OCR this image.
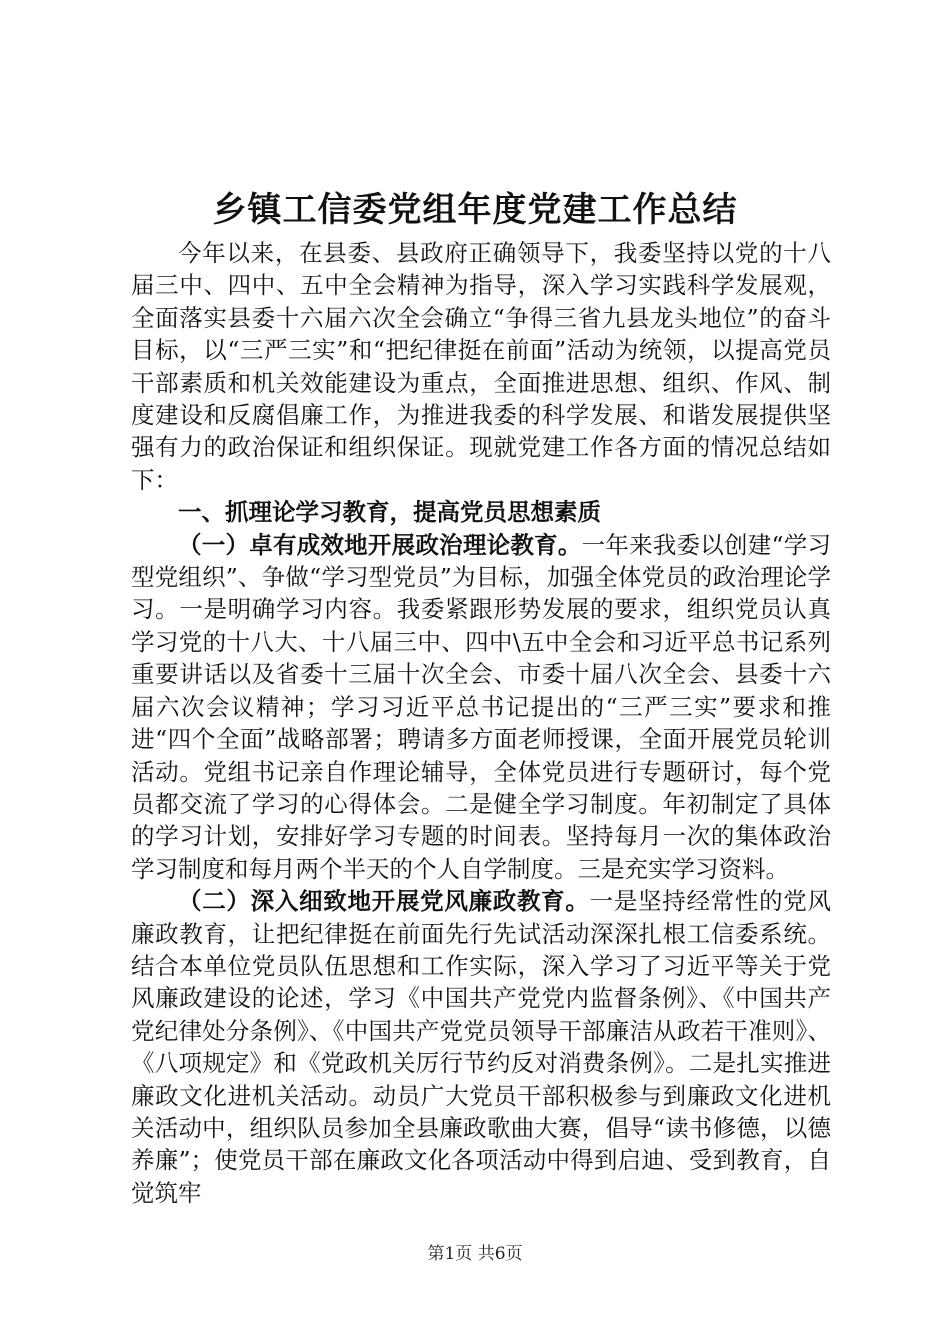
乡镇工信委党组年度党建工作总结

今年以来，在县委、县政府正确领导下，我委坚持以党的十八届三中、四中、五中全会精神为指导，深入学习实践科学发展观，全面落实县委十六届六次全会确立“争得三省九县龙头地位”的奋斗目标，以“三严三实”和“把纪律挺在前面”活动为统领，以提高党员干部素质和机关效能建设为重点，全面推进思想、组织、作风、制度建设和反腐倡廉工作，为推进我委的科学发展、和谐发展提供坚强有力的政治保证和组织保证。现就党建工作各方面的情况总结如下：

一、抓理论学习教育，提高党员思想素质

（一）卓有成效地开展政治理论教育。一年来我委以创建“学习型党组织”、争做“学习型党员”为目标，加强全体党员的政治理论学习。一是明确学习内容。我委紧跟形势发展的要求，组织党员认真学习党的十八大、十八届三中、四中\五中全会和习近平总书记系列重要讲话以及省委十三届十次全会、市委十届八次全会、县委十六届六次会议精神；学习习近平总书记提出的“三严三实”要求和推进“四个全面”战略部署；聘请多方面老师授课，全面开展党员轮训活动。党组书记亲自作理论辅导，全体党员进行专题研讨，每个党员都交流了学习的心得体会。二是健全学习制度。年初制定了具体的学习计划，安排好学习专题的时间表。坚持每月一次的集体政治学习制度和每月两个半天的个人自学制度。三是充实学习资料。

（二）深入细致地开展党风廉政教育。一是坚持经常性的党风廉政教育，让把纪律挺在前面先行先试活动深深扎根工信委系统。结合本单位党员队伍思想和工作实际，深入学习了习近平等关于党风廉政建设的论述，学习《中国共产党党内监督条例》、《中国共产党纪律处分条例》、《中国共产党党员领导干部廉洁从政若干准则》、《八项规定》和《党政机关厉行节约反对消费条例》。二是扎实推进廉政文化进机关活动。动员广大党员干部积极参与到廉政文化进机关活动中，组织队员参加全县廉政歌曲大赛，倡导“读书修德，以德养廉”；使党员干部在廉政文化各项活动中得到启迪、受到教育，自觉筑牢

第1页 共6页
